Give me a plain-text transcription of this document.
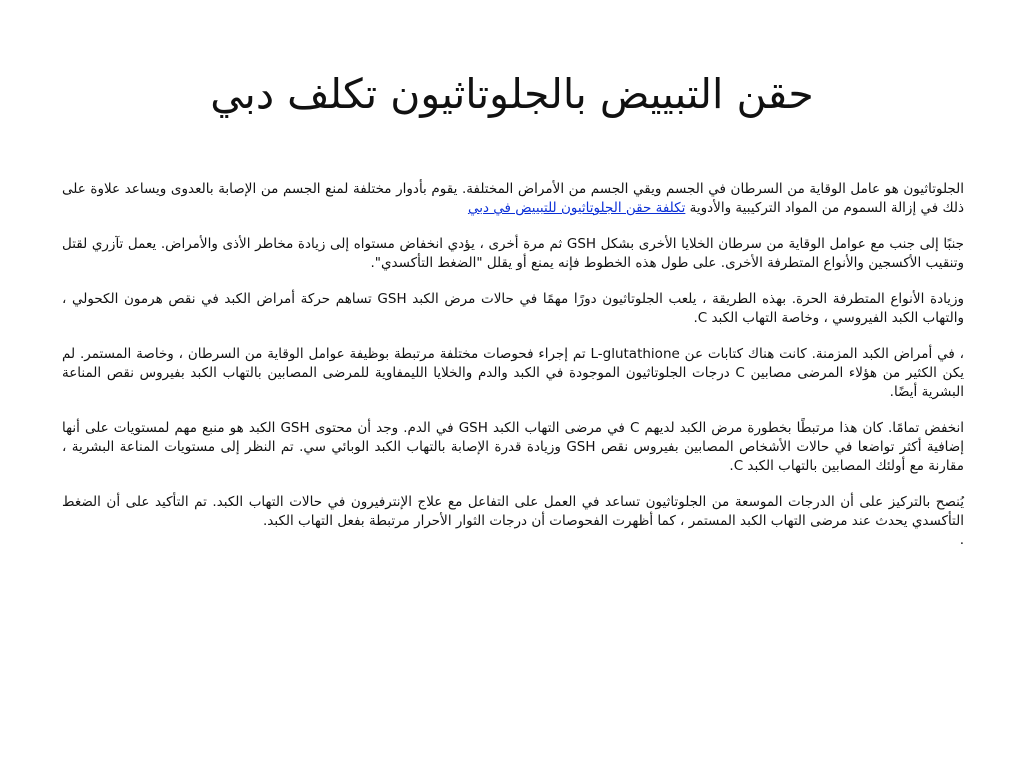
حقن التبييض بالجلوتاثيون تكلف دبي

الجلوتاثيون هو عامل الوقاية من السرطان في الجسم ويقي الجسم من الأمراض المختلفة. يقوم بأدوار مختلفة لمنع الجسم من الإصابة بالعدوى ويساعد علاوة على ذلك في إزالة السموم من المواد التركيبية والأدوية تكلفة حقن الجلوتاثيون للتبييض في دبي

جنبًا إلى جنب مع عوامل الوقاية من سرطان الخلايا الأخرى بشكل GSH ثم مرة أخرى ، يؤدي انخفاض مستواه إلى زيادة مخاطر الأذى والأمراض. يعمل تآزري لقتل وتنقيب الأكسجين والأنواع المتطرفة الأخرى. على طول هذه الخطوط فإنه يمنع أو يقلل "الضغط التأكسدي".

وزيادة الأنواع المتطرفة الحرة. بهذه الطريقة ، يلعب الجلوتاثيون دورًا مهمًا في حالات مرض الكبد GSH تساهم حركة أمراض الكبد في نقص هرمون الكحولي ، والتهاب الكبد الفيروسي ، وخاصة التهاب الكبد C.

، في أمراض الكبد المزمنة. كانت هناك كتابات عن L-glutathione تم إجراء فحوصات مختلفة مرتبطة بوظيفة عوامل الوقاية من السرطان ، وخاصة المستمر. لم يكن الكثير من هؤلاء المرضى مصابين C درجات الجلوتاثيون الموجودة في الكبد والدم والخلايا الليمفاوية للمرضى المصابين بالتهاب الكبد بفيروس نقص المناعة البشرية أيضًا.

انخفض تمامًا. كان هذا مرتبطًا بخطورة مرض الكبد لديهم C في مرضى التهاب الكبد GSH في الدم. وجد أن محتوى GSH الكبد هو منبع مهم لمستويات على أنها إضافية أكثر تواضعا في حالات الأشخاص المصابين بفيروس نقص GSH وزيادة قدرة الإصابة بالتهاب الكبد الوبائي سي. تم النظر إلى مستويات المناعة البشرية ، مقارنة مع أولئك المصابين بالتهاب الكبد C.

يُنصح بالتركيز على أن الدرجات الموسعة من الجلوتاثيون تساعد في العمل على التفاعل مع علاج الإنترفيرون في حالات التهاب الكبد. تم التأكيد على أن الضغط التأكسدي يحدث عند مرضى التهاب الكبد المستمر ، كما أظهرت الفحوصات أن درجات الثوار الأحرار مرتبطة بفعل التهاب الكبد.
.
